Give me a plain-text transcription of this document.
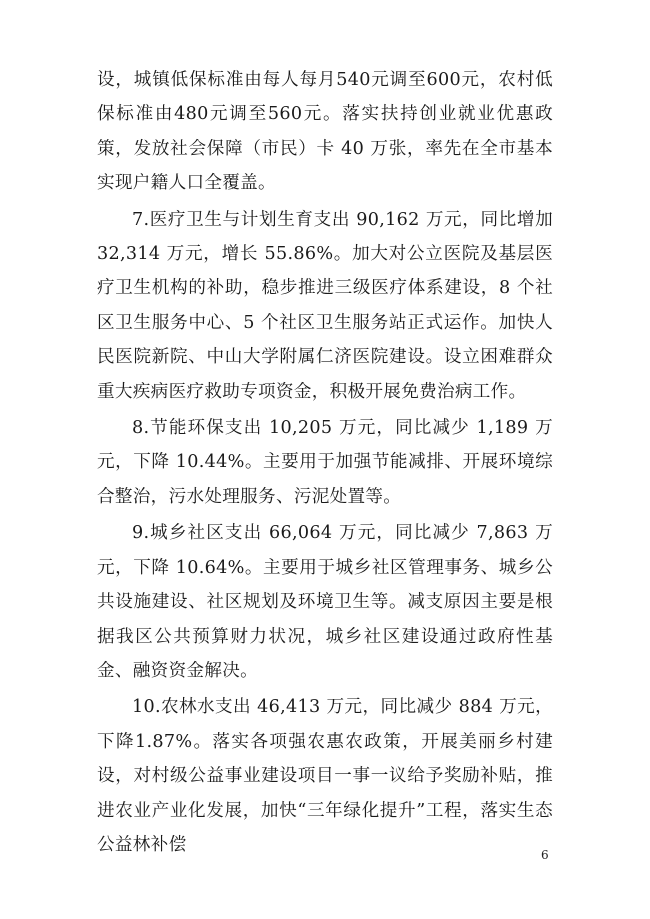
设，城镇低保标准由每人每月540元调至600元，农村低保标准由480元调至560元。落实扶持创业就业优惠政策，发放社会保障（市民）卡 40 万张，率先在全市基本实现户籍人口全覆盖。

7.医疗卫生与计划生育支出 90,162 万元，同比增加32,314 万元，增长 55.86%。加大对公立医院及基层医疗卫生机构的补助，稳步推进三级医疗体系建设，8 个社区卫生服务中心、5 个社区卫生服务站正式运作。加快人民医院新院、中山大学附属仁济医院建设。设立困难群众重大疾病医疗救助专项资金，积极开展免费治病工作。

8.节能环保支出 10,205 万元，同比减少 1,189 万元，下降 10.44%。主要用于加强节能减排、开展环境综合整治，污水处理服务、污泥处置等。

9.城乡社区支出 66,064 万元，同比减少 7,863 万元，下降 10.64%。主要用于城乡社区管理事务、城乡公共设施建设、社区规划及环境卫生等。减支原因主要是根据我区公共预算财力状况，城乡社区建设通过政府性基金、融资资金解决。

10.农林水支出 46,413 万元，同比减少 884 万元，下降1.87%。落实各项强农惠农政策，开展美丽乡村建设，对村级公益事业建设项目一事一议给予奖励补贴，推进农业产业化发展，加快“三年绿化提升”工程，落实生态公益林补偿

6
